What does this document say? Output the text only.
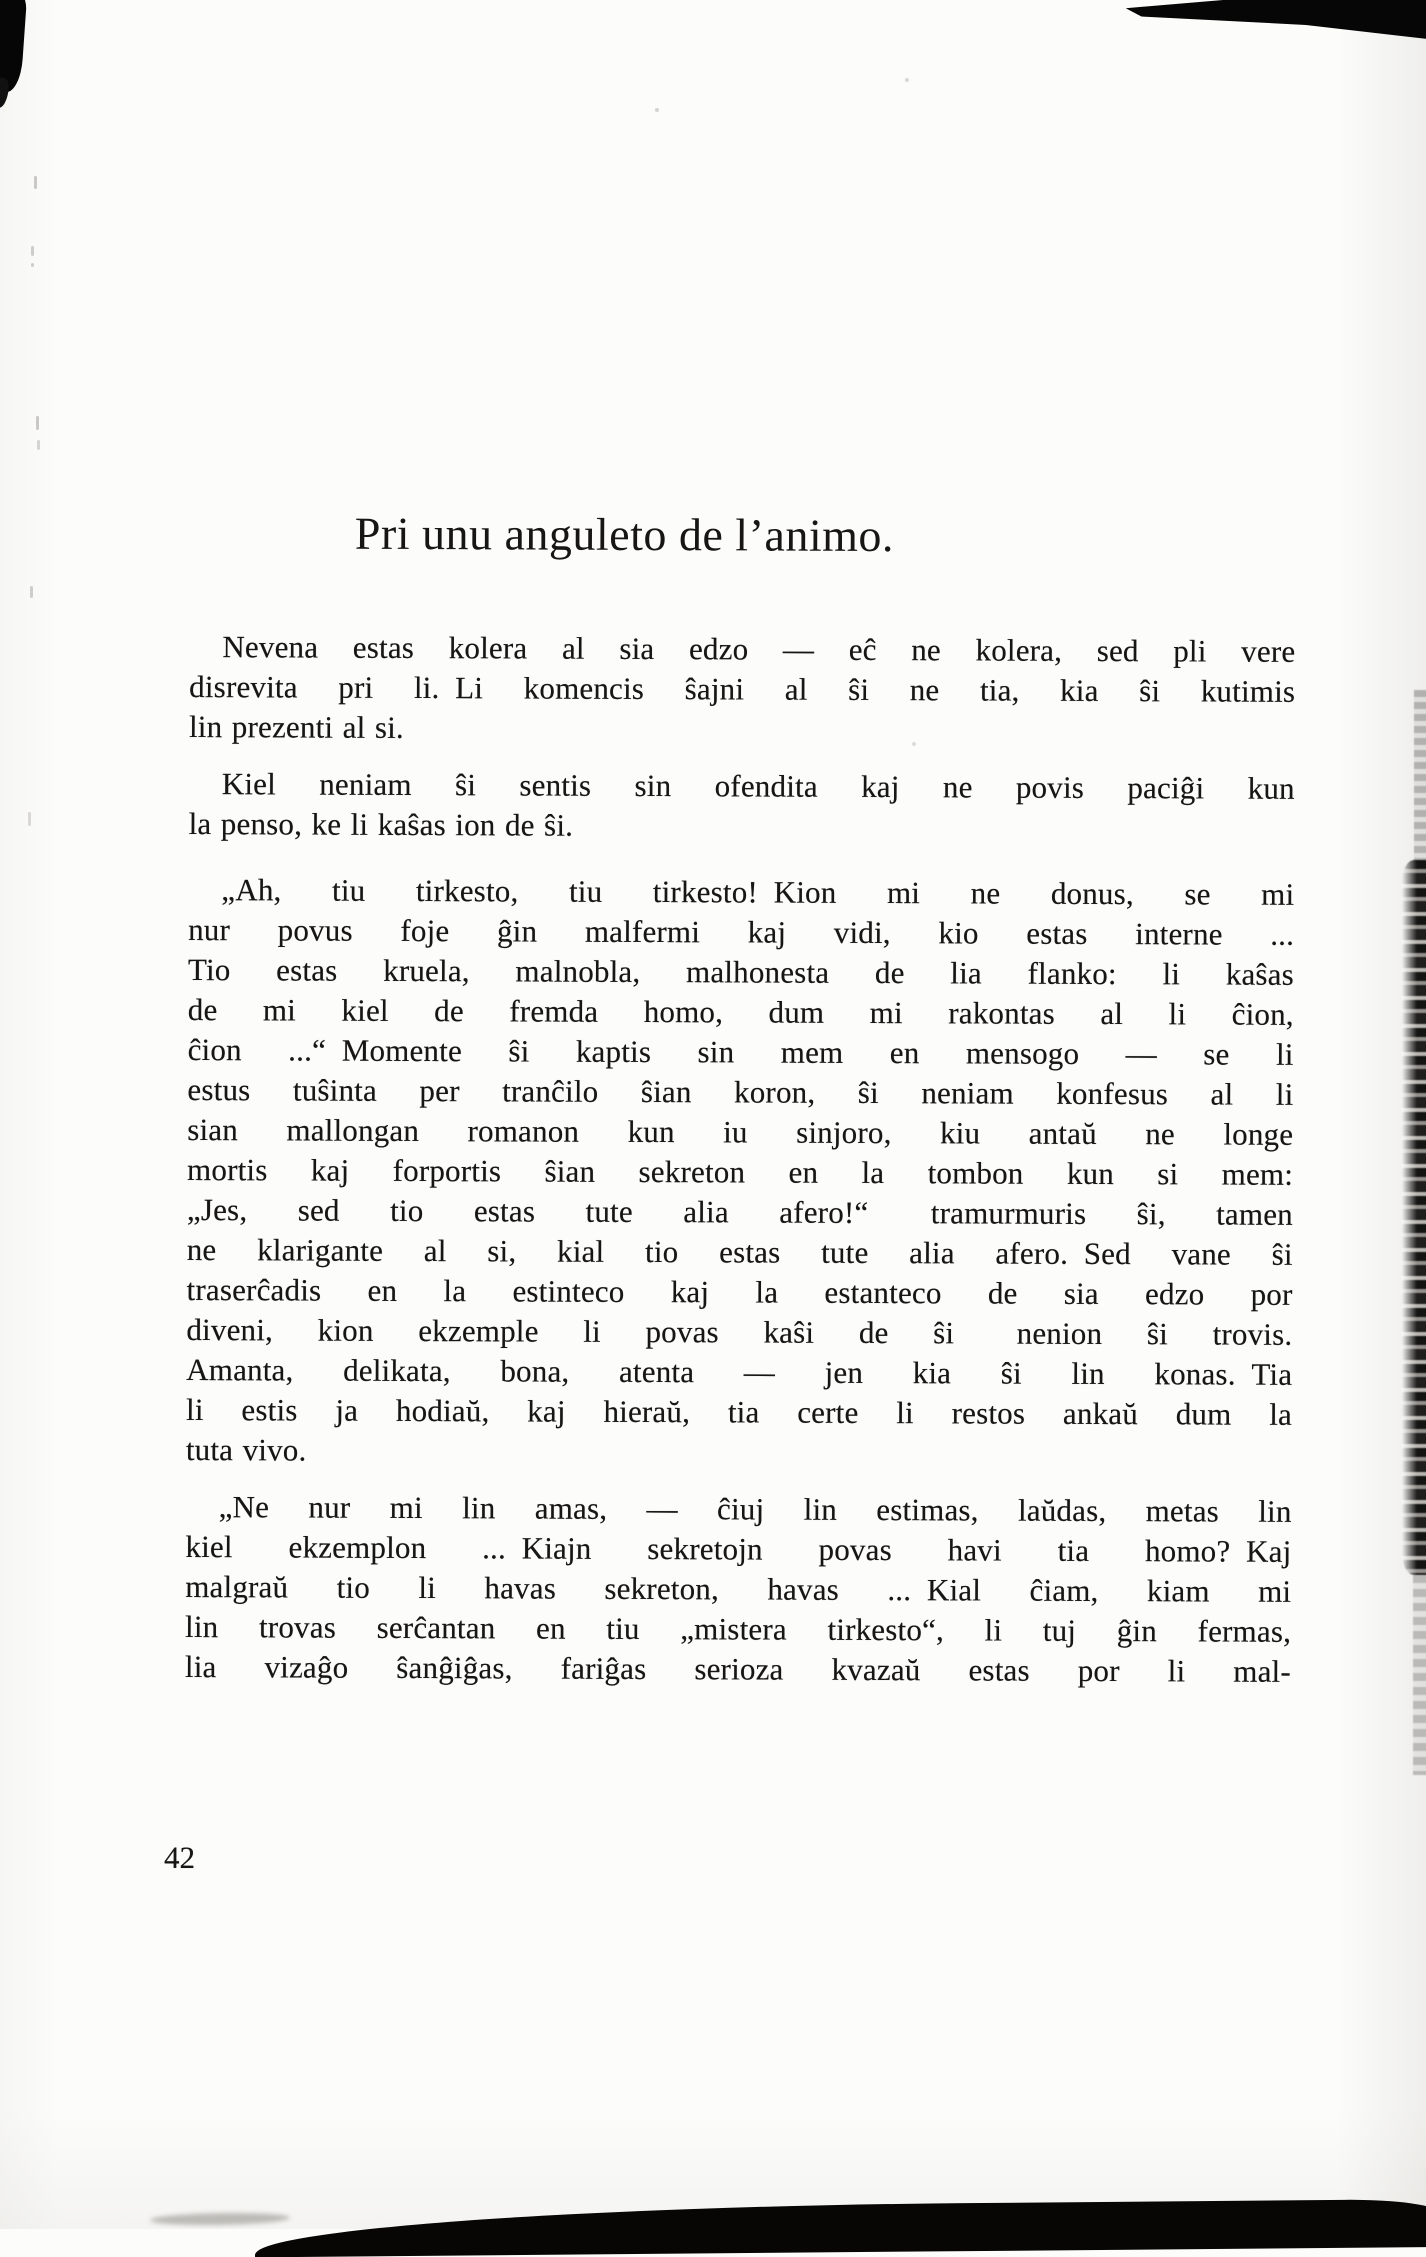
Pri unu anguleto de l’animo.
Nevena estas kolera al sia edzo — eĉ ne kolera, sed pli vere
disrevita pri li. Li komencis ŝajni al ŝi ne tia, kia ŝi kutimis
lin prezenti al si.
Kiel neniam ŝi sentis sin ofendita kaj ne povis paciĝi kun
la penso, ke li kaŝas ion de ŝi.
„Ah, tiu tirkesto, tiu tirkesto! Kion mi ne donus, se mi
nur povus foje ĝin malfermi kaj vidi, kio estas interne ...
Tio estas kruela, malnobla, malhonesta de lia flanko: li kaŝas
de mi kiel de fremda homo, dum mi rakontas al li ĉion,
ĉion ...“ Momente ŝi kaptis sin mem en mensogo — se li
estus tuŝinta per tranĉilo ŝian koron, ŝi neniam konfesus al li
sian mallongan romanon kun iu sinjoro, kiu antaŭ ne longe
mortis kaj forportis ŝian sekreton en la tombon kun si mem:
„Jes, sed tio estas tute alia afero!“  tramurmuris ŝi, tamen
ne klarigante al si, kial tio estas tute alia afero. Sed vane ŝi
traserĉadis en la estinteco kaj la estanteco de sia edzo por
diveni, kion ekzemple li povas kaŝi de ŝi  nenion ŝi trovis.
Amanta, delikata, bona, atenta — jen kia ŝi lin konas. Tia
li estis ja hodiaŭ, kaj hieraŭ, tia certe li restos ankaŭ dum la
tuta vivo.
„Ne nur mi lin amas, — ĉiuj lin estimas, laŭdas, metas lin
kiel ekzemplon ... Kiajn sekretojn povas havi tia homo? Kaj
malgraŭ tio li havas sekreton, havas ... Kial ĉiam, kiam mi
lin trovas serĉantan en tiu „mistera tirkesto“, li tuj ĝin fermas,
lia vizaĝo ŝanĝiĝas, fariĝas serioza kvazaŭ estas por li mal-
42
